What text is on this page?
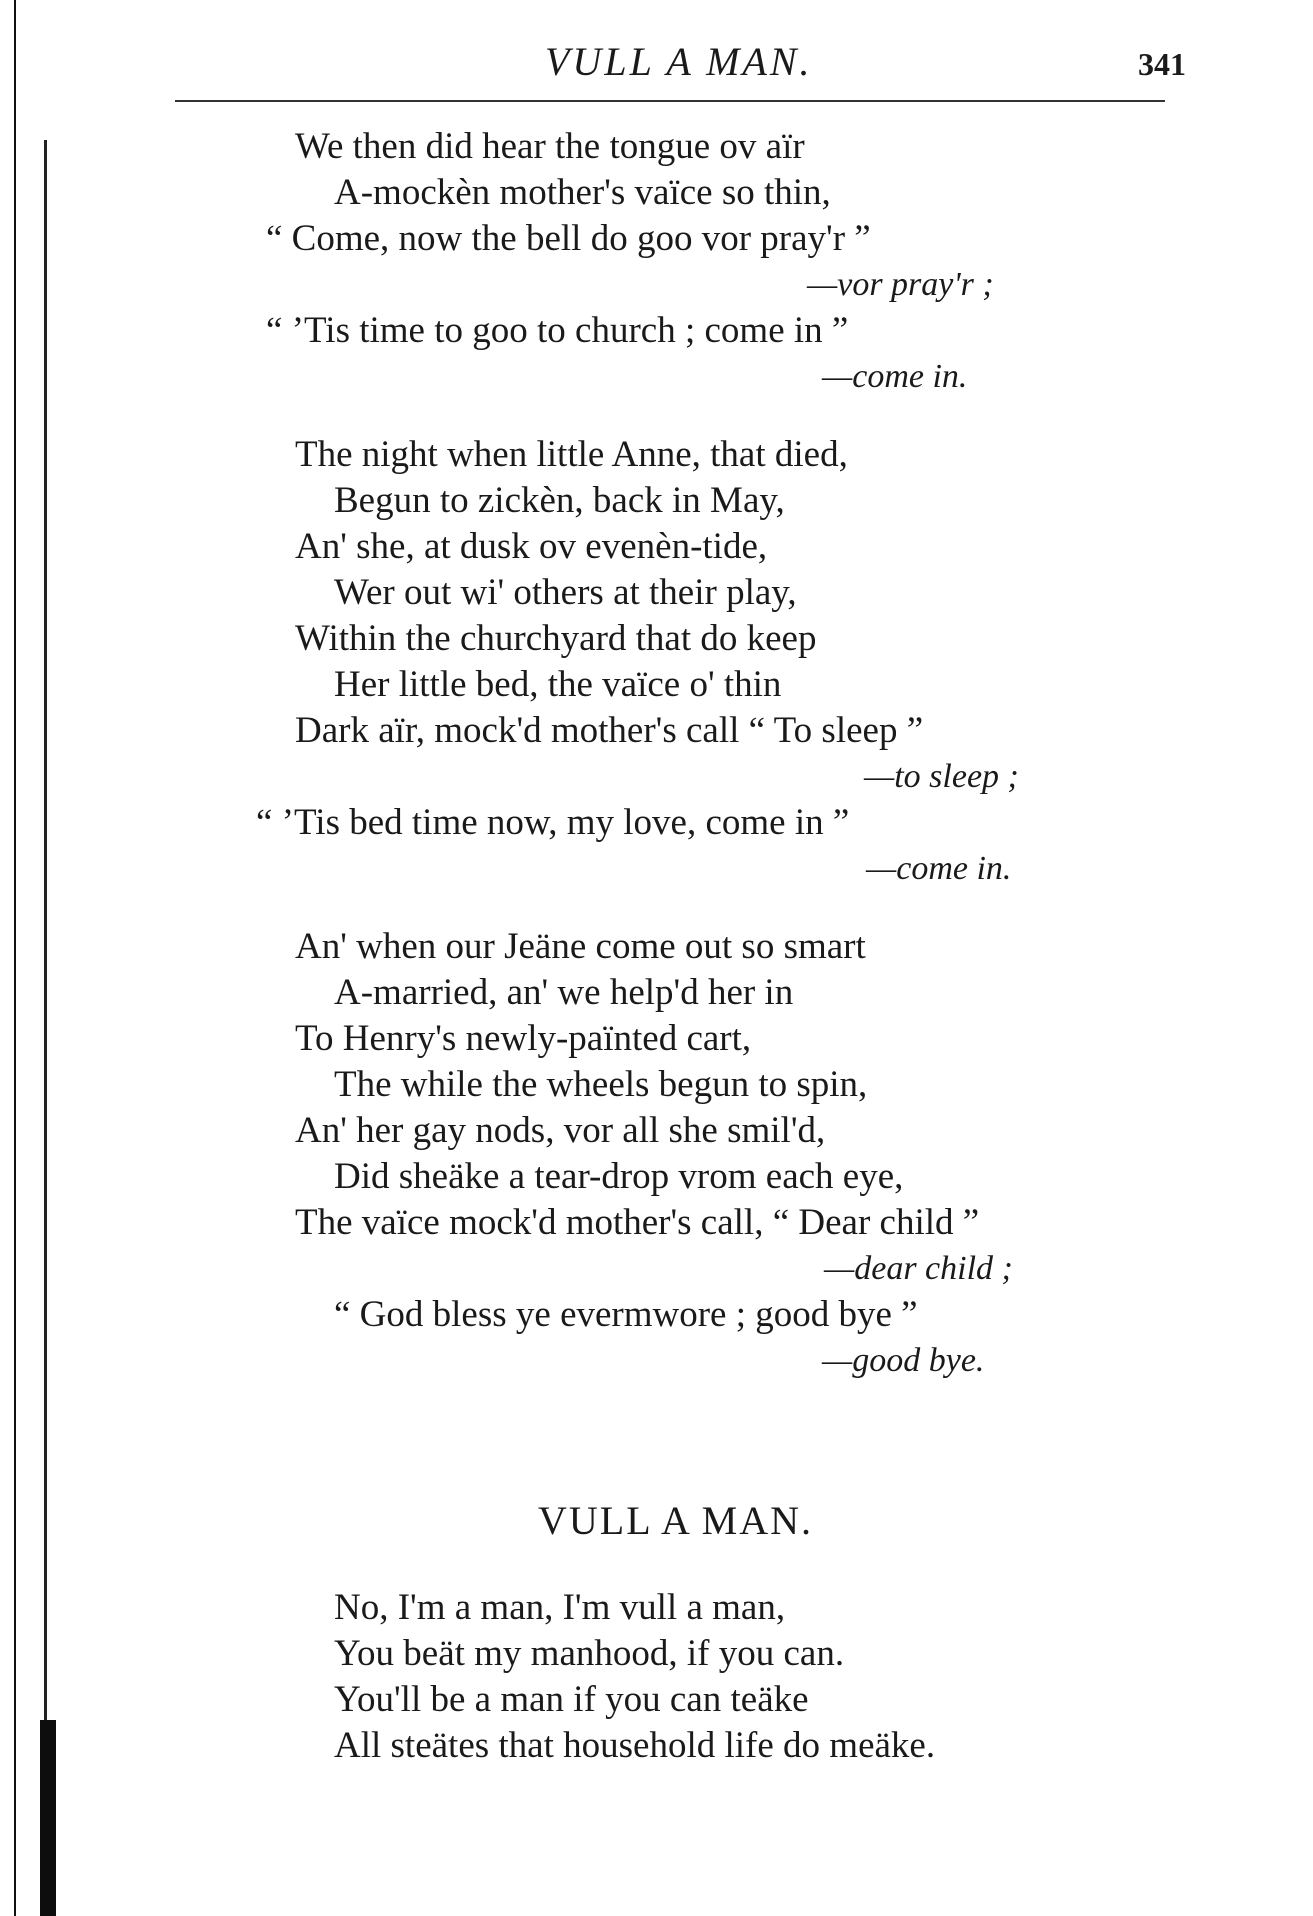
VULL A MAN.	341
We then did hear the tongue ov aïr
A-mockèn mother's vaïce so thin,
“ Come, now the bell do goo vor pray'r ”
—vor pray'r ;
“ ’Tis time to goo to church ; come in ”
—come in.
The night when little Anne, that died,
Begun to zickèn, back in May,
An' she, at dusk ov evenèn-tide,
Wer out wi' others at their play,
Within the churchyard that do keep
Her little bed, the vaïce o' thin
Dark aïr, mock'd mother's call “ To sleep ”
—to sleep ;
“ ’Tis bed time now, my love, come in ”
—come in.
An' when our Jeäne come out so smart
A-married, an' we help'd her in
To Henry's newly-païnted cart,
The while the wheels begun to spin,
An' her gay nods, vor all she smil'd,
Did sheäke a tear-drop vrom each eye,
The vaïce mock'd mother's call, “ Dear child ”
—dear child ;
“ God bless ye evermwore ; good bye ”
—good bye.
VULL A MAN.
No, I'm a man, I'm vull a man,
You beät my manhood, if you can.
You'll be a man if you can teäke
All steätes that household life do meäke.
